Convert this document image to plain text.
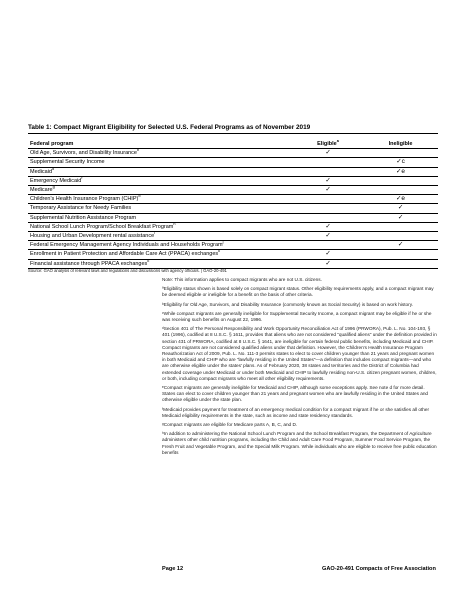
Table 1: Compact Migrant Eligibility for Selected U.S. Federal Programs as of November 2019
Federal program	Eligible$^a$	Ineligible
Old Age, Survivors, and Disability Insurance$^b$	✓	
Supplemental Security Income		✓c
Medicaid$^d$		✓e
Emergency Medicaid$^f$	✓	
Medicare$^g$	✓	
Children's Health Insurance Program (CHIP)$^d$		✓e
Temporary Assistance for Needy Families		✓
Supplemental Nutrition Assistance Program		✓
National School Lunch Program/School Breakfast Program$^h$	✓	
Housing and Urban Development rental assistance$^i$	✓	
Federal Emergency Management Agency Individuals and Households Program$^j$		✓
Enrollment in Patient Protection and Affordable Care Act (PPACA) exchanges$^k$	✓	
Financial assistance through PPACA exchanges$^k$	✓	
Source: GAO analysis of relevant laws and regulations and discussions with agency officials. | GAO-20-491

Note: This information applies to compact migrants who are not U.S. citizens.

ªEligibility status shown is based solely on compact migrant status. Other eligibility requirements apply, and a compact migrant may be deemed eligible or ineligible for a benefit on the basis of other criteria.

ᵇEligibility for Old Age, Survivors, and Disability Insurance (commonly known as Social Security) is based on work history.

ᶜWhile compact migrants are generally ineligible for Supplemental Security Income, a compact migrant may be eligible if he or she was receiving such benefits on August 22, 1996.

ᵈSection 401 of The Personal Responsibility and Work Opportunity Reconciliation Act of 1996 (PRWORA), Pub. L. No. 104-193, § 401 (1996), codified at 8 U.S.C. § 1611, provides that aliens who are not considered “qualified aliens” under the definition provided in section 431 of PRWORA, codified at 8 U.S.C. § 1641, are ineligible for certain federal public benefits, including Medicaid and CHIP. Compact migrants are not considered qualified aliens under that definition. However, the Children's Health Insurance Program Reauthorization Act of 2009, Pub. L. No. 111-3 permits states to elect to cover children younger than 21 years and pregnant women in both Medicaid and CHIP who are “lawfully residing in the United States”—a definition that includes compact migrants—and who are otherwise eligible under the states' plans. As of February 2020, 38 states and territories and the District of Columbia had extended coverage under Medicaid or under both Medicaid and CHIP to lawfully residing non-U.S. citizen pregnant women, children, or both, including compact migrants who meet all other eligibility requirements.

ᵉCompact migrants are generally ineligible for Medicaid and CHIP, although some exceptions apply. See note d for more detail. States can elect to cover children younger than 21 years and pregnant women who are lawfully residing in the United States and otherwise eligible under the state plan.

ᶠMedicaid provides payment for treatment of an emergency medical condition for a compact migrant if he or she satisfies all other Medicaid eligibility requirements in the state, such as income and state residency standards.

ᵍCompact migrants are eligible for Medicare parts A, B, C, and D.

ʰIn addition to administering the National School Lunch Program and the School Breakfast Program, the Department of Agriculture administers other child nutrition programs, including the Child and Adult Care Food Program, Summer Food Service Program, the Fresh Fruit and Vegetable Program, and the Special Milk Program. While individuals who are eligible to receive free public education benefits

Page 12	GAO-20-491 Compacts of Free Association
